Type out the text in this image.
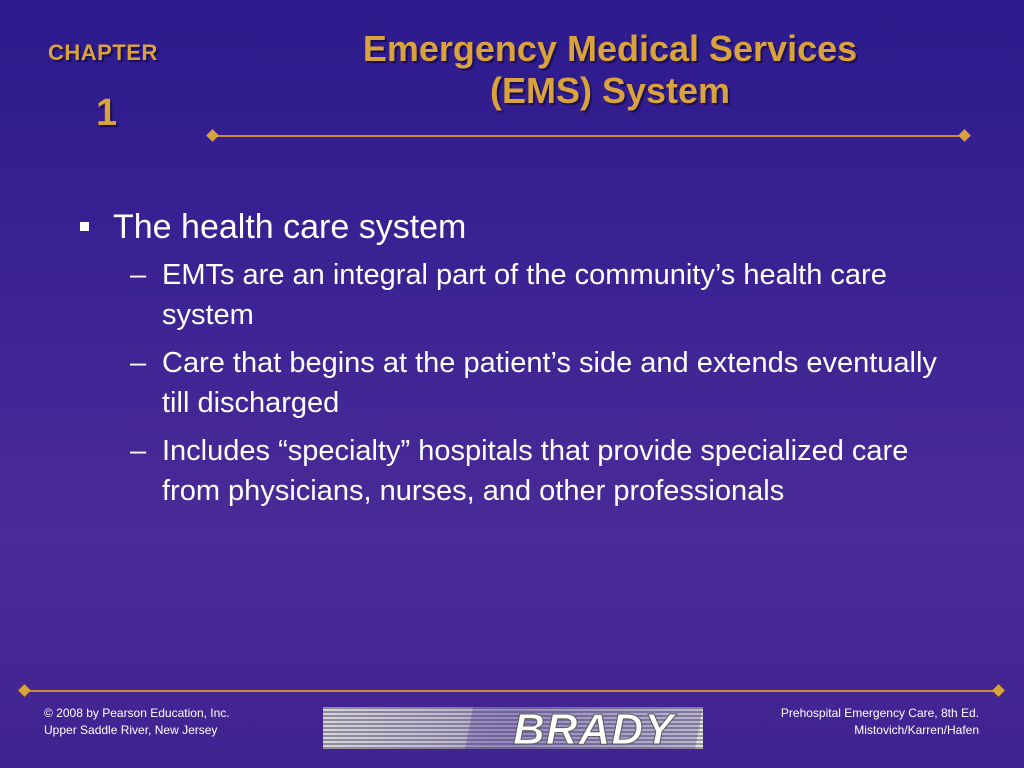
CHAPTER
1
Emergency Medical Services
(EMS) System
The health care system
– EMTs are an integral part of the community’s health care system
– Care that begins at the patient’s side and extends eventually till discharged
– Includes “specialty” hospitals that provide specialized care from physicians, nurses, and other professionals
© 2008 by Pearson Education, Inc.
Upper Saddle River, New Jersey	BRADY	Prehospital Emergency Care, 8th Ed.
Mistovich/Karren/Hafen
